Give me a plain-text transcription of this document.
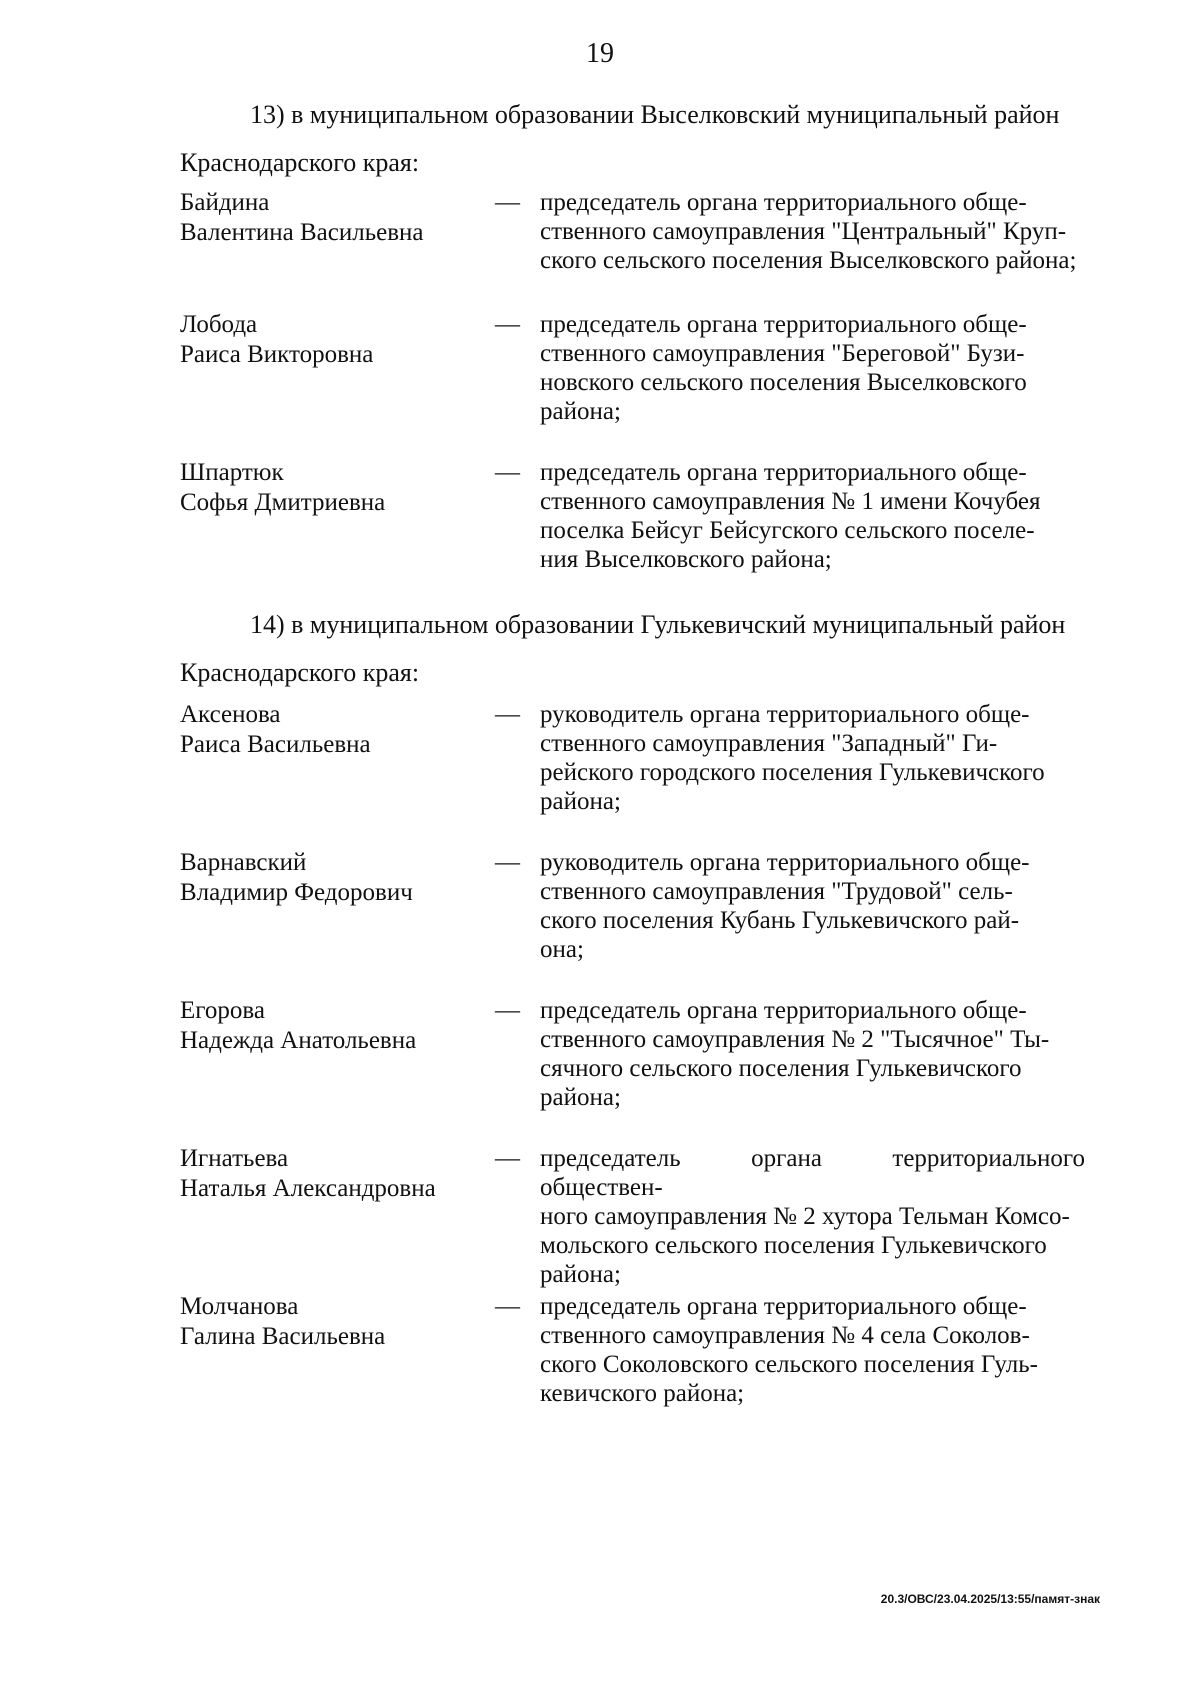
19
13) в муниципальном образовании Выселковский муниципальный район
Краснодарского края:
Байдина
Валентина Васильевна
— председатель органа территориального обще-
ственного самоуправления "Центральный" Круп-
ского сельского поселения Выселковского района;
Лобода
Раиса Викторовна
— председатель органа территориального обще-
ственного самоуправления "Береговой" Бузи-
новского сельского поселения Выселковского
района;
Шпартюк
Софья Дмитриевна
— председатель органа территориального обще-
ственного самоуправления № 1 имени Кочубея
поселка Бейсуг Бейсугского сельского поселе-
ния Выселковского района;
14) в муниципальном образовании Гулькевичский муниципальный район
Краснодарского края:
Аксенова
Раиса Васильевна
— руководитель органа территориального обще-
ственного самоуправления "Западный" Ги-
рейского городского поселения Гулькевичского
района;
Варнавский
Владимир Федорович
— руководитель органа территориального обще-
ственного самоуправления "Трудовой" сель-
ского поселения Кубань Гулькевичского рай-
она;
Егорова
Надежда Анатольевна
— председатель органа территориального обще-
ственного самоуправления № 2 "Тысячное" Ты-
сячного сельского поселения Гулькевичского
района;
Игнатьева
Наталья Александровна
— председатель органа территориального обществен-
ного самоуправления № 2 хутора Тельман Комсо-
мольского сельского поселения Гулькевичского
района;
Молчанова
Галина Васильевна
— председатель органа территориального обще-
ственного самоуправления № 4 села Соколов-
ского Соколовского сельского поселения Гуль-
кевичского района;
20.3/ОВС/23.04.2025/13:55/памят-знак
